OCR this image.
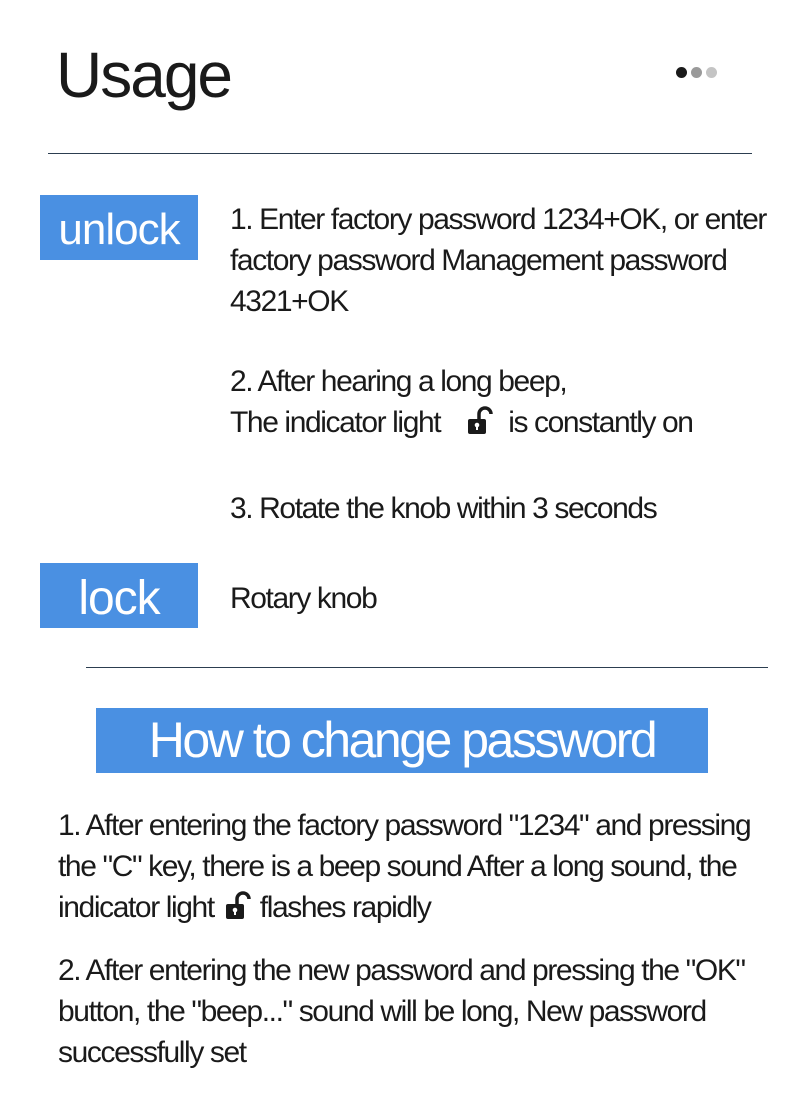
Usage
unlock	1. Enter factory password 1234+OK, or enter factory password Management password 4321+OK
2. After hearing a long beep,
The indicator light is constantly on
3. Rotate the knob within 3 seconds
lock	Rotary knob
How to change password
1. After entering the factory password "1234" and pressing the "C" key, there is a beep sound After a long sound, the indicator light flashes rapidly
2. After entering the new password and pressing the "OK" button, the "beep..." sound will be long, New password successfully set
